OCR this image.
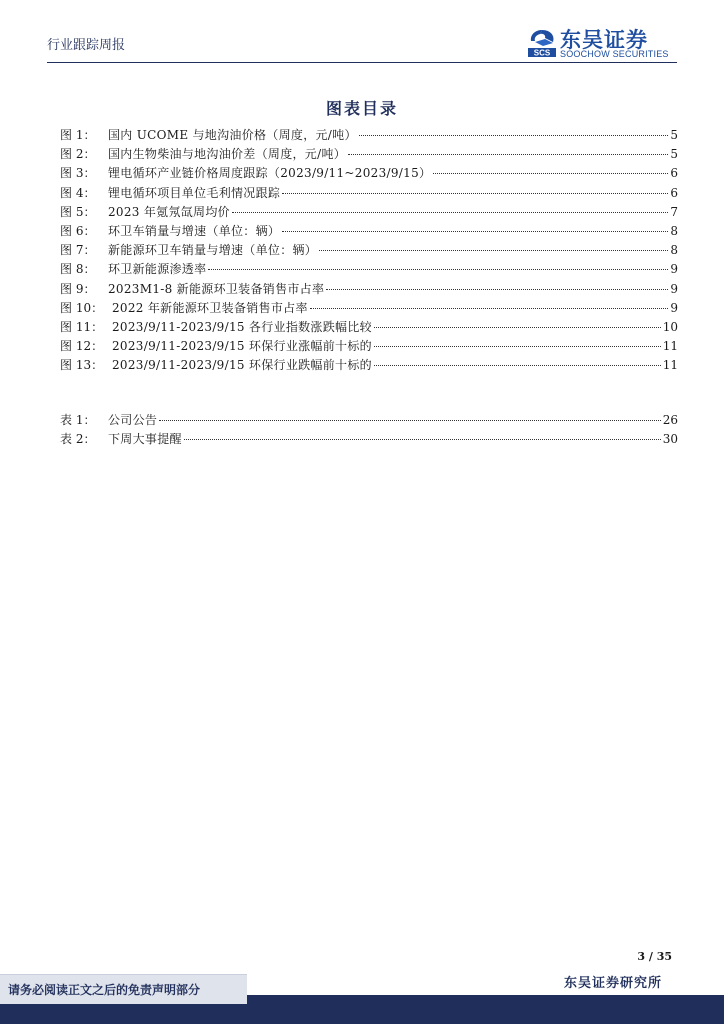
行业跟踪周报	SCS
东吴证券
SOOCHOW SECURITIES
图表目录
图 1：	国内 UCOME 与地沟油价格（周度，元/吨）	5
图 2：	国内生物柴油与地沟油价差（周度，元/吨）	5
图 3：	锂电循环产业链价格周度跟踪（2023/9/11~2023/9/15）	6
图 4：	锂电循环项目单位毛利情况跟踪	6
图 5：	2023 年氪氖氙周均价	7
图 6：	环卫车销量与增速（单位：辆）	8
图 7：	新能源环卫车销量与增速（单位：辆）	8
图 8：	环卫新能源渗透率	9
图 9：	2023M1-8 新能源环卫装备销售市占率	9
图 10： 2022 年新能源环卫装备销售市占率	9
图 11： 2023/9/11-2023/9/15 各行业指数涨跌幅比较	10
图 12： 2023/9/11-2023/9/15 环保行业涨幅前十标的	11
图 13： 2023/9/11-2023/9/15 环保行业跌幅前十标的	11
表 1：	公司公告	26
表 2：	下周大事提醒	30
3 / 35
东吴证券研究所
请务必阅读正文之后的免责声明部分
